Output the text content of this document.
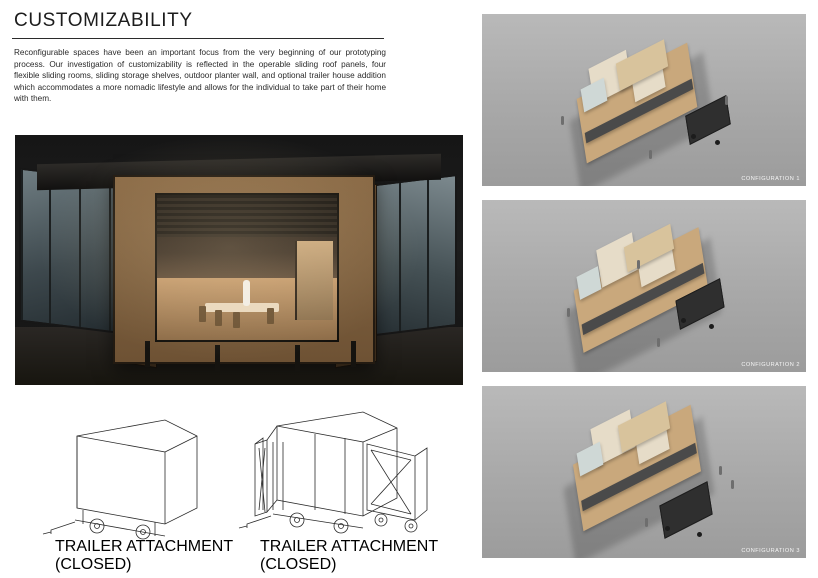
CUSTOMIZABILITY

Reconfigurable spaces have been an important focus from the very beginning of our prototyping process. Our investigation of customizability is reflected in the operable sliding roof panels, four flexible sliding rooms, sliding storage shelves, outdoor planter wall, and optional trailer house addition which accommodates a more nomadic lifestyle and allows for the individual to take part of their home with them.

TRAILER ATTACHMENT
(CLOSED)
TRAILER ATTACHMENT
(CLOSED)
CONFIGURATION 1
CONFIGURATION 2
CONFIGURATION 3
